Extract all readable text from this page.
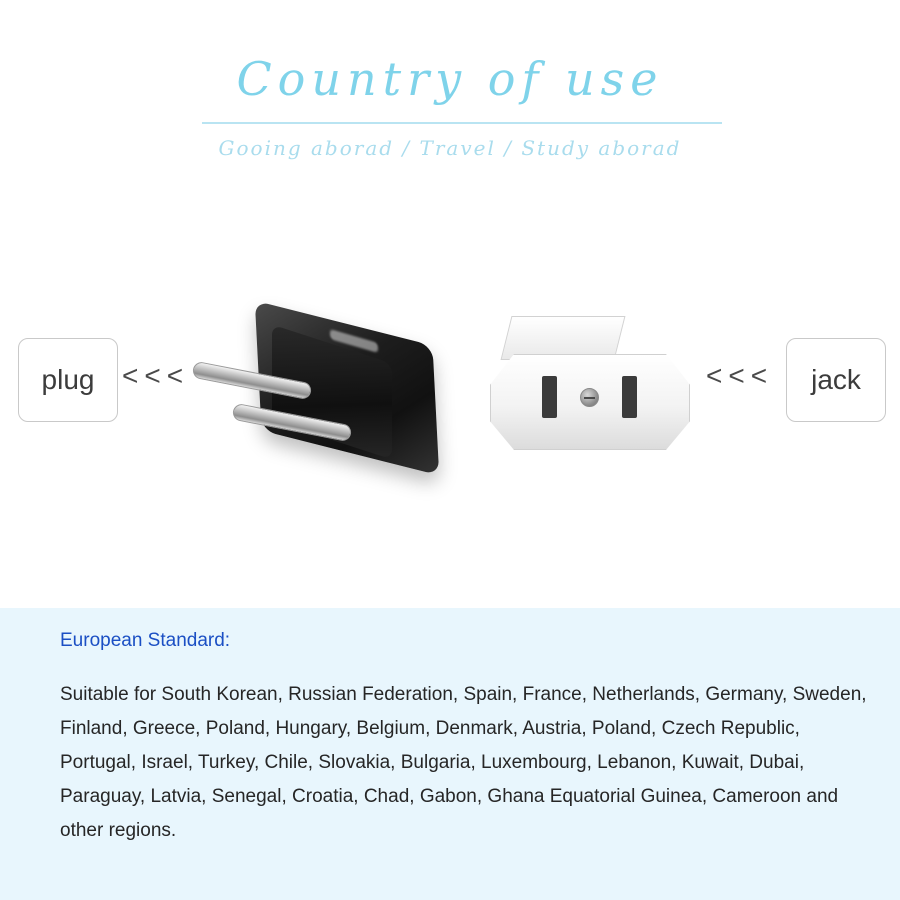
Country of use
Gooing aborad / Travel / Study aborad
plug <<<	<<< jack
European Standard:
Suitable for South Korean, Russian Federation, Spain, France, Netherlands, Germany, Sweden, Finland, Greece, Poland, Hungary, Belgium, Denmark, Austria, Poland, Czech Republic, Portugal, Israel, Turkey, Chile, Slovakia, Bulgaria, Luxembourg, Lebanon, Kuwait, Dubai, Paraguay, Latvia, Senegal, Croatia, Chad, Gabon, Ghana Equatorial Guinea, Cameroon and other regions.
